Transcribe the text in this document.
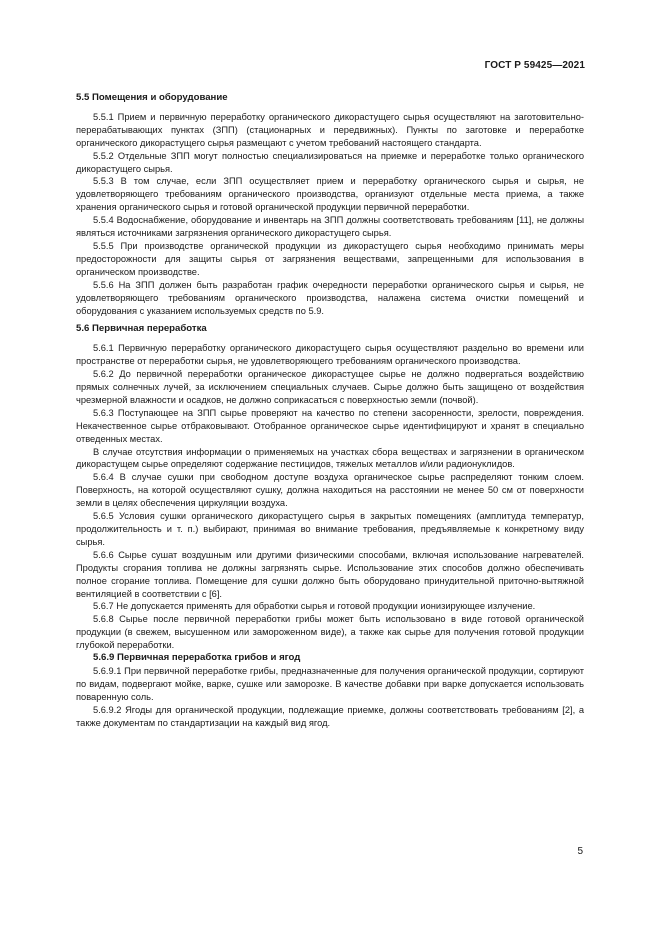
ГОСТ Р 59425—2021
5.5 Помещения и оборудование

5.5.1 Прием и первичную переработку органического дикорастущего сырья осуществляют на заготовительно-перерабатывающих пунктах (ЗПП) (стационарных и передвижных). Пункты по заготовке и переработке органического дикорастущего сырья размещают с учетом требований настоящего стандарта.

5.5.2 Отдельные ЗПП могут полностью специализироваться на приемке и переработке только органического дикорастущего сырья.

5.5.3 В том случае, если ЗПП осуществляет прием и переработку органического сырья и сырья, не удовлетворяющего требованиям органического производства, организуют отдельные места приема, а также хранения органического сырья и готовой органической продукции первичной переработки.

5.5.4 Водоснабжение, оборудование и инвентарь на ЗПП должны соответствовать требованиям [11], не должны являться источниками загрязнения органического дикорастущего сырья.

5.5.5 При производстве органической продукции из дикорастущего сырья необходимо принимать меры предосторожности для защиты сырья от загрязнения веществами, запрещенными для использования в органическом производстве.

5.5.6 На ЗПП должен быть разработан график очередности переработки органического сырья и сырья, не удовлетворяющего требованиям органического производства, налажена система очистки помещений и оборудования с указанием используемых средств по 5.9.

5.6 Первичная переработка

5.6.1 Первичную переработку органического дикорастущего сырья осуществляют раздельно во времени или пространстве от переработки сырья, не удовлетворяющего требованиям органического производства.

5.6.2 До первичной переработки органическое дикорастущее сырье не должно подвергаться воздействию прямых солнечных лучей, за исключением специальных случаев. Сырье должно быть защищено от воздействия чрезмерной влажности и осадков, не должно соприкасаться с поверхностью земли (почвой).

5.6.3 Поступающее на ЗПП сырье проверяют на качество по степени засоренности, зрелости, повреждения. Некачественное сырье отбраковывают. Отобранное органическое сырье идентифицируют и хранят в специально отведенных местах.

В случае отсутствия информации о применяемых на участках сбора веществах и загрязнении в органическом дикорастущем сырье определяют содержание пестицидов, тяжелых металлов и/или радионуклидов.

5.6.4 В случае сушки при свободном доступе воздуха органическое сырье распределяют тонким слоем. Поверхность, на которой осуществляют сушку, должна находиться на расстоянии не менее 50 см от поверхности земли в целях обеспечения циркуляции воздуха.

5.6.5 Условия сушки органического дикорастущего сырья в закрытых помещениях (амплитуда температур, продолжительность и т. п.) выбирают, принимая во внимание требования, предъявляемые к конкретному виду сырья.

5.6.6 Сырье сушат воздушным или другими физическими способами, включая использование нагревателей. Продукты сгорания топлива не должны загрязнять сырье. Использование этих способов должно обеспечивать полное сгорание топлива. Помещение для сушки должно быть оборудовано принудительной приточно-вытяжной вентиляцией в соответствии с [6].

5.6.7 Не допускается применять для обработки сырья и готовой продукции ионизирующее излучение.

5.6.8 Сырье после первичной переработки грибы может быть использовано в виде готовой органической продукции (в свежем, высушенном или замороженном виде), а также как сырье для получения готовой продукции глубокой переработки.

5.6.9 Первичная переработка грибов и ягод

5.6.9.1 При первичной переработке грибы, предназначенные для получения органической продукции, сортируют по видам, подвергают мойке, варке, сушке или заморозке. В качестве добавки при варке допускается использовать поваренную соль.

5.6.9.2 Ягоды для органической продукции, подлежащие приемке, должны соответствовать требованиям [2], а также документам по стандартизации на каждый вид ягод.

5
